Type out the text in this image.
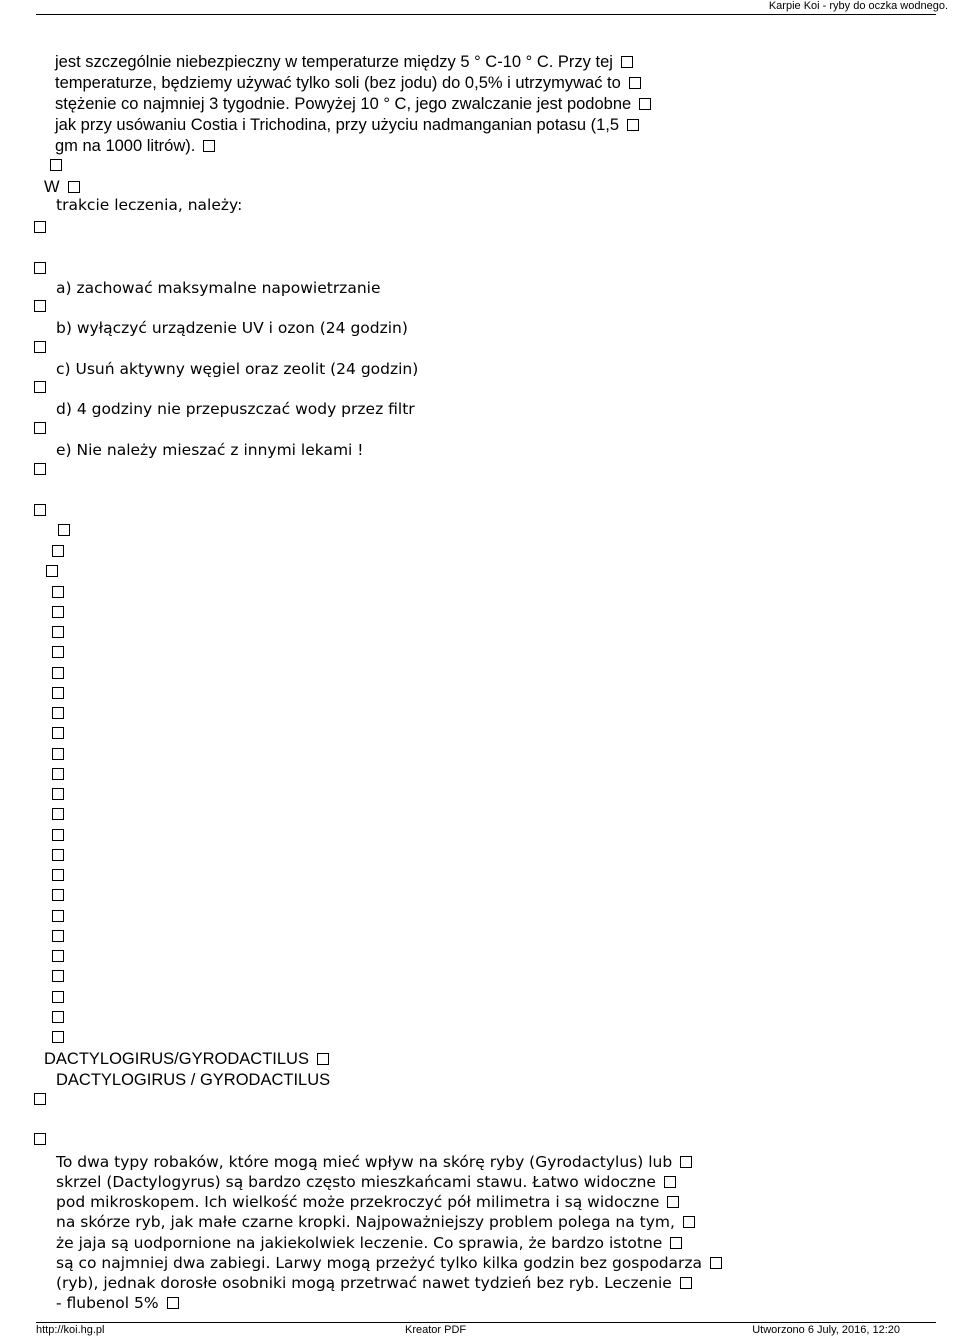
Karpie Koi - ryby do oczka wodnego.
jest szczególnie niebezpieczny w temperaturze między 5 ° C-10 ° C. Przy tej
temperaturze, będziemy używać tylko soli (bez jodu) do 0,5% i utrzymywać to
stężenie co najmniej 3 tygodnie. Powyżej 10 ° C, jego zwalczanie jest podobne
jak przy usówaniu Costia i Trichodina, przy użyciu nadmanganian potasu (1,5
gm na 1000 litrów).
W
trakcie leczenia, należy:
a) zachować maksymalne napowietrzanie
b) wyłączyć urządzenie UV i ozon (24 godzin)
c) Usuń aktywny węgiel oraz zeolit (24 godzin)
d) 4 godziny nie przepuszczać wody przez filtr
e) Nie należy mieszać z innymi lekami !
DACTYLOGIRUS/GYRODACTILUS
DACTYLOGIRUS / GYRODACTILUS
To dwa typy robaków, które mogą mieć wpływ na skórę ryby (Gyrodactylus) lub
skrzel (Dactylogyrus) są bardzo często mieszkańcami stawu. Łatwo widoczne
pod mikroskopem. Ich wielkość może przekroczyć pół milimetra i są widoczne
na skórze ryb, jak małe czarne kropki. Najpoważniejszy problem polega na tym,
że jaja są uodpornione na jakiekolwiek leczenie. Co sprawia, że bardzo istotne
są co najmniej dwa zabiegi. Larwy mogą przeżyć tylko kilka godzin bez gospodarza
(ryb), jednak dorosłe osobniki mogą przetrwać nawet tydzień bez ryb. Leczenie
- flubenol 5%
http://koi.hg.pl	Kreator PDF	Utworzono 6 July, 2016, 12:20
